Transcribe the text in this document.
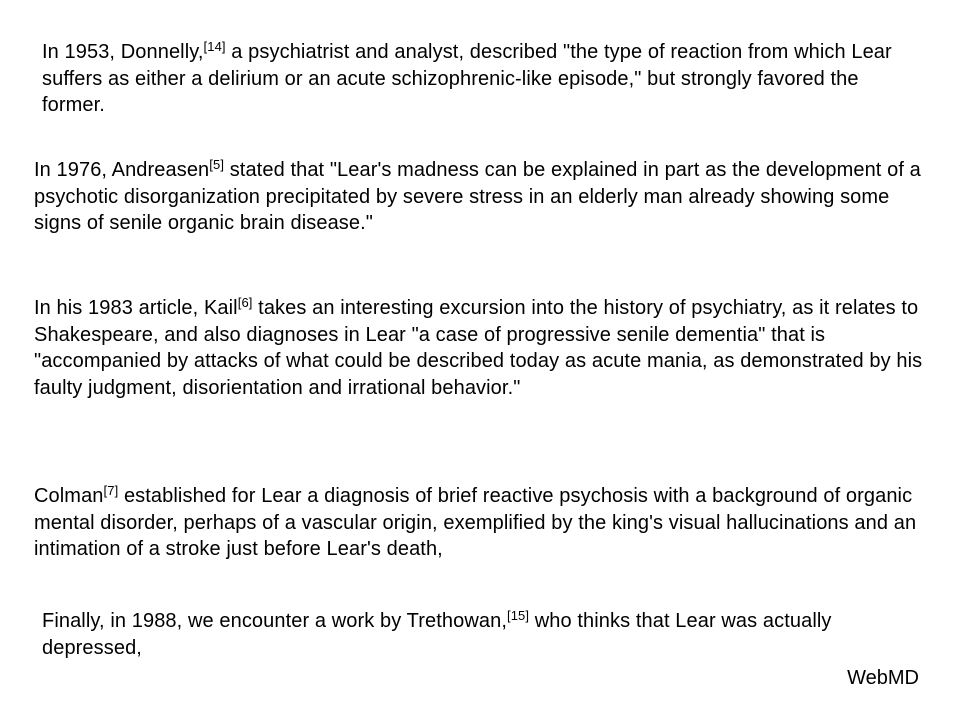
In 1953, Donnelly,[14] a psychiatrist and analyst, described "the type of reaction from which Lear suffers as either a delirium or an acute schizophrenic-like episode," but strongly favored the former.

In 1976, Andreasen[5] stated that "Lear's madness can be explained in part as the development of a psychotic disorganization precipitated by severe stress in an elderly man already showing some signs of senile organic brain disease."

In his 1983 article, Kail[6] takes an interesting excursion into the history of psychiatry, as it relates to Shakespeare, and also diagnoses in Lear "a case of progressive senile dementia" that is "accompanied by attacks of what could be described today as acute mania, as demonstrated by his faulty judgment, disorientation and irrational behavior."

Colman[7] established for Lear a diagnosis of brief reactive psychosis with a background of organic mental disorder, perhaps of a vascular origin, exemplified by the king's visual hallucinations and an intimation of a stroke just before Lear's death,

Finally, in 1988, we encounter a work by Trethowan,[15] who thinks that Lear was actually depressed,

WebMD
